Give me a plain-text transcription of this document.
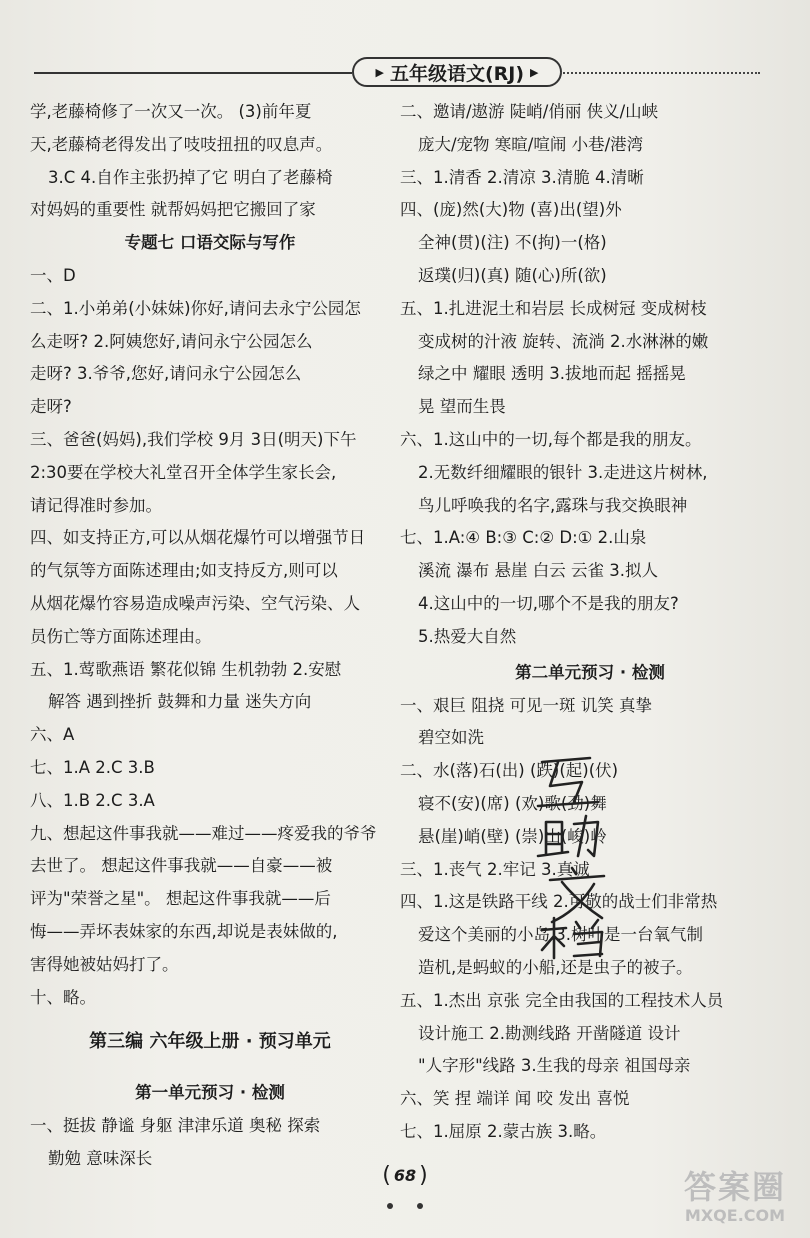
▶ 五年级语文(RJ) ▶
学,老藤椅修了一次又一次。 (3)前年夏
天,老藤椅老得发出了吱吱扭扭的叹息声。
3.C 4.自作主张扔掉了它 明白了老藤椅
对妈妈的重要性 就帮妈妈把它搬回了家
专题七 口语交际与写作
一、D
二、1.小弟弟(小妹妹)你好,请问去永宁公园怎
么走呀? 2.阿姨您好,请问永宁公园怎么
走呀? 3.爷爷,您好,请问永宁公园怎么
走呀?
三、爸爸(妈妈),我们学校 9月 3日(明天)下午
2:30要在学校大礼堂召开全体学生家长会,
请记得准时参加。
四、如支持正方,可以从烟花爆竹可以增强节日
的气氛等方面陈述理由;如支持反方,则可以
从烟花爆竹容易造成噪声污染、空气污染、人
员伤亡等方面陈述理由。
五、1.莺歌燕语 繁花似锦 生机勃勃 2.安慰
解答 遇到挫折 鼓舞和力量 迷失方向
六、A
七、1.A 2.C 3.B
八、1.B 2.C 3.A
九、想起这件事我就——难过——疼爱我的爷爷
去世了。 想起这件事我就——自豪——被
评为"荣誉之星"。 想起这件事我就——后
悔——弄坏表妹家的东西,却说是表妹做的,
害得她被姑妈打了。
十、略。
第三编 六年级上册 · 预习单元
第一单元预习 · 检测
一、挺拔 静谧 身躯 津津乐道 奥秘 探索
勤勉 意味深长
二、邀请/遨游 陡峭/俏丽 侠义/山峡
庞大/宠物 寒暄/喧闹 小巷/港湾
三、1.清香 2.清凉 3.清脆 4.清晰
四、(庞)然(大)物 (喜)出(望)外
全神(贯)(注) 不(拘)一(格)
返璞(归)(真) 随(心)所(欲)
五、1.扎进泥土和岩层 长成树冠 变成树枝
变成树的汁液 旋转、流淌 2.水淋淋的嫩
绿之中 耀眼 透明 3.拔地而起 摇摇晃
晃 望而生畏
六、1.这山中的一切,每个都是我的朋友。
2.无数纤细耀眼的银针 3.走进这片树林,
鸟儿呼唤我的名字,露珠与我交换眼神
七、1.A:④ B:③ C:② D:① 2.山泉
溪流 瀑布 悬崖 白云 云雀 3.拟人
4.这山中的一切,哪个不是我的朋友?
5.热爱大自然
第二单元预习 · 检测
一、艰巨 阻挠 可见一斑 讥笑 真挚
碧空如洗
二、水(落)石(出) (跌)(起)(伏)
寝不(安)(席) (欢)歌(劲)舞
悬(崖)峭(壁) (崇)山(峻)岭
三、1.丧气 2.牢记 3.真诚
四、1.这是铁路干线 2.可敬的战士们非常热
爱这个美丽的小岛 3.树叶是一台氧气制
造机,是蚂蚁的小船,还是虫子的被子。
五、1.杰出 京张 完全由我国的工程技术人员
设计施工 2.勘测线路 开凿隧道 设计
"人字形"线路 3.生我的母亲 祖国母亲
六、笑 捏 端详 闻 咬 发出 喜悦
七、1.屈原 2.蒙古族 3.略。
( 68 )	答案圈
MXQE.COM
